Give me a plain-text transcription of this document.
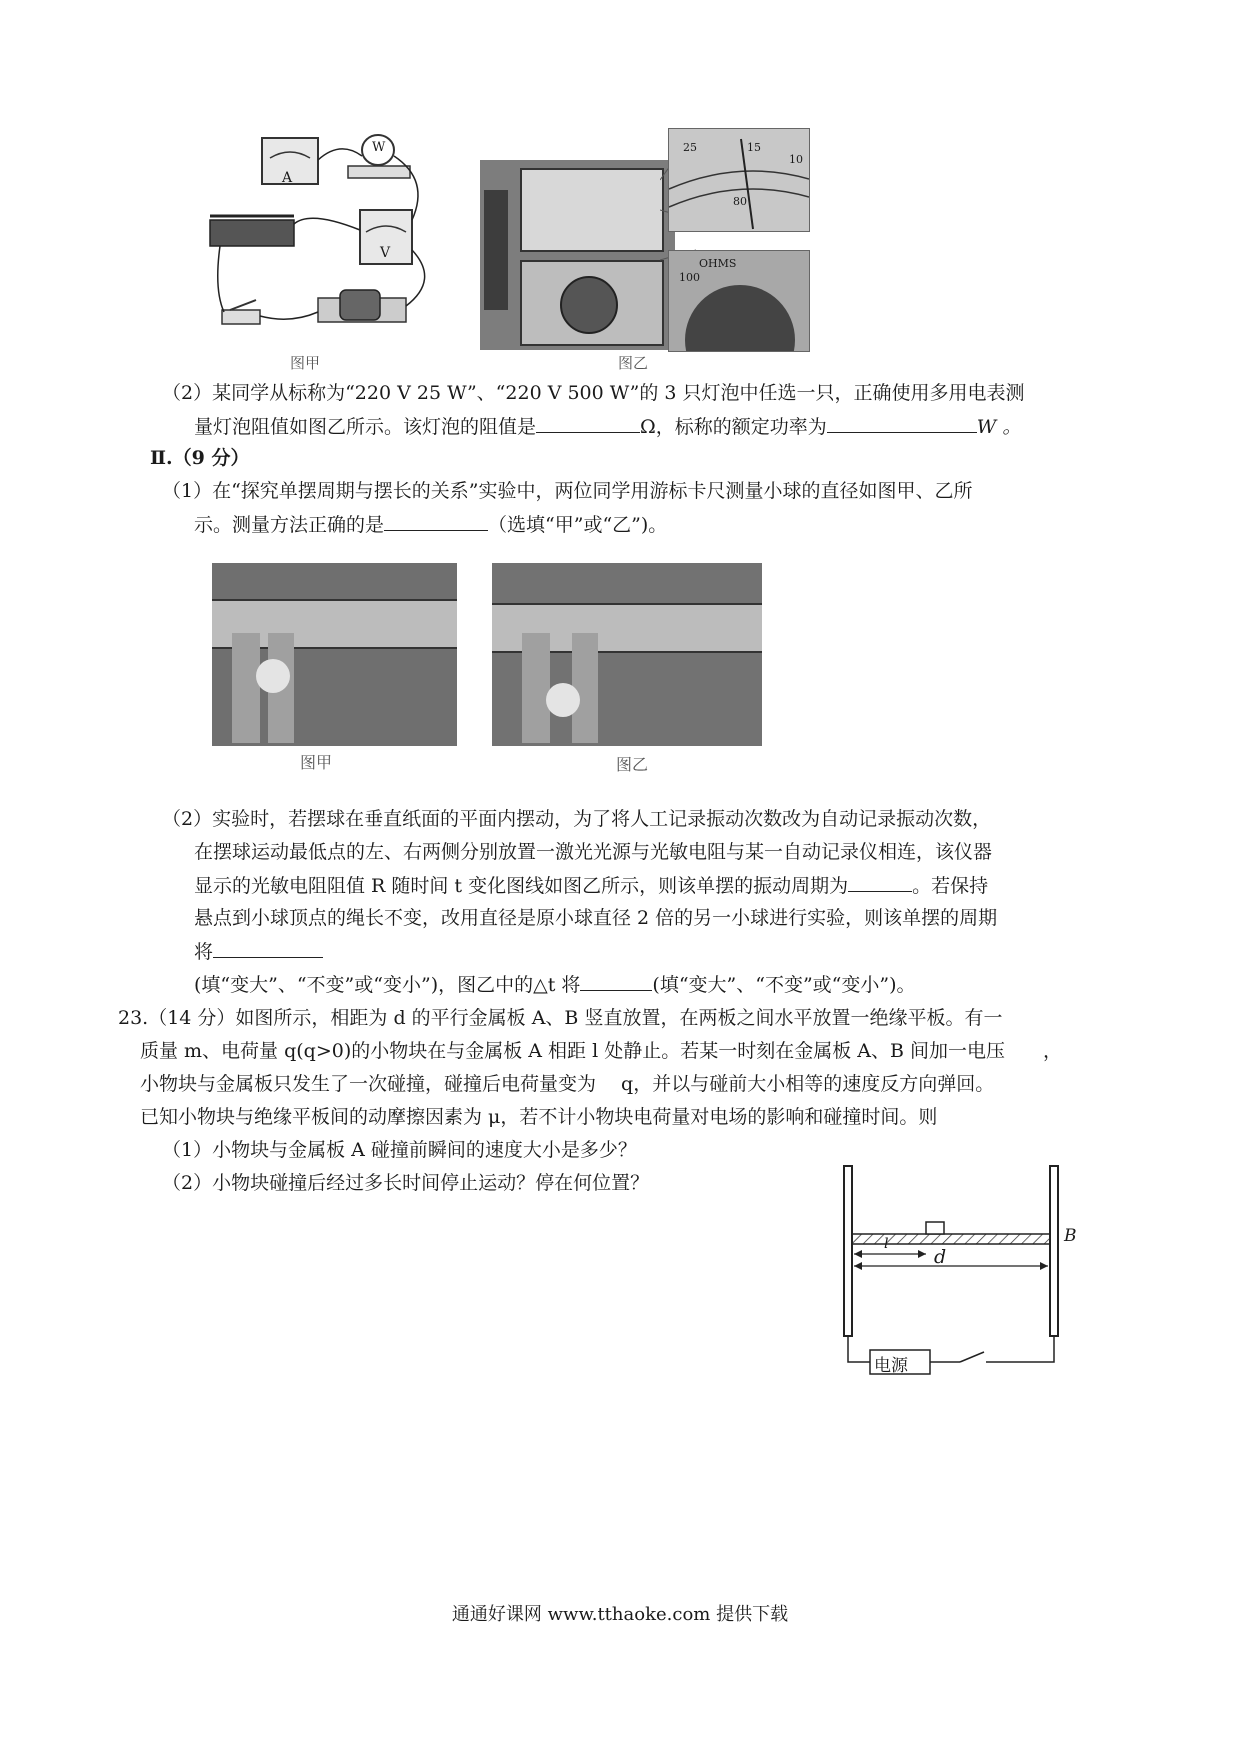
A
W
V
图甲
25	15
10
80
OHMS
100
图乙
（2）某同学从标称为“220 V 25 W”、“220 V 500 W”的 3 只灯泡中任选一只，正确使用多用电表测
量灯泡阻值如图乙所示。该灯泡的阻值是	Ω，标称的额定功率为	W 。
Ⅱ.（9 分）
（1）在“探究单摆周期与摆长的关系”实验中，两位同学用游标卡尺测量小球的直径如图甲、乙所
示。测量方法正确的是	（选填“甲”或“乙”)。
图甲	图乙
（2）实验时，若摆球在垂直纸面的平面内摆动，为了将人工记录振动次数改为自动记录振动次数，
在摆球运动最低点的左、右两侧分别放置一激光光源与光敏电阻与某一自动记录仪相连，该仪器
显示的光敏电阻阻值 R 随时间 t 变化图线如图乙所示，则该单摆的振动周期为	。若保持
悬点到小球顶点的绳长不变，改用直径是原小球直径 2 倍的另一小球进行实验，则该单摆的周期
将
(填“变大”、“不变”或“变小”)，图乙中的△t 将	(填“变大”、“不变”或“变小”)。
23.（14 分）如图所示，相距为 d 的平行金属板 A、B 竖直放置，在两板之间水平放置一绝缘平板。有一
质量 m、电荷量 q(q>0)的小物块在与金属板 A 相距 l 处静止。若某一时刻在金属板 A、B 间加一电压　　，
小物块与金属板只发生了一次碰撞，碰撞后电荷量变为　 q，并以与碰前大小相等的速度反方向弹回。
已知小物块与绝缘平板间的动摩擦因素为 μ，若不计小物块电荷量对电场的影响和碰撞时间。则
（1）小物块与金属板 A 碰撞前瞬间的速度大小是多少？
（2）小物块碰撞后经过多长时间停止运动？停在何位置？
B
l
d
电源
通通好课网 www.tthaoke.com 提供下载
